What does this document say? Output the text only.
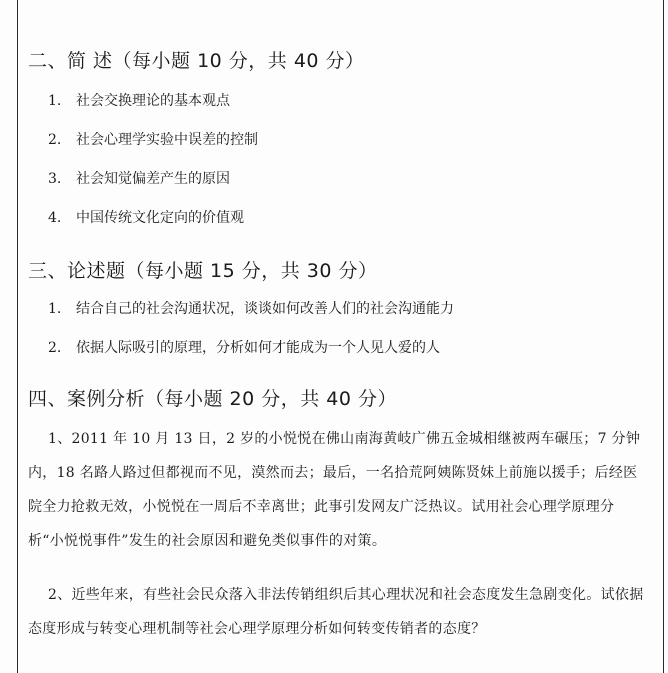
二、简 述（每小题 10 分，共 40 分）
1. 社会交换理论的基本观点
2. 社会心理学实验中误差的控制
3. 社会知觉偏差产生的原因
4. 中国传统文化定向的价值观
三、论述题（每小题 15 分，共 30 分）
1. 结合自己的社会沟通状况，谈谈如何改善人们的社会沟通能力
2. 依据人际吸引的原理，分析如何才能成为一个人见人爱的人
四、案例分析（每小题 20 分，共 40 分）
1、2011 年 10 月 13 日，2 岁的小悦悦在佛山南海黄岐广佛五金城相继被两车碾压；7 分钟内，18 名路人路过但都视而不见，漠然而去；最后，一名拾荒阿姨陈贤妹上前施以援手；后经医院全力抢救无效，小悦悦在一周后不幸离世；此事引发网友广泛热议。试用社会心理学原理分析“小悦悦事件”发生的社会原因和避免类似事件的对策。
2、近些年来，有些社会民众落入非法传销组织后其心理状况和社会态度发生急剧变化。试依据态度形成与转变心理机制等社会心理学原理分析如何转变传销者的态度？
